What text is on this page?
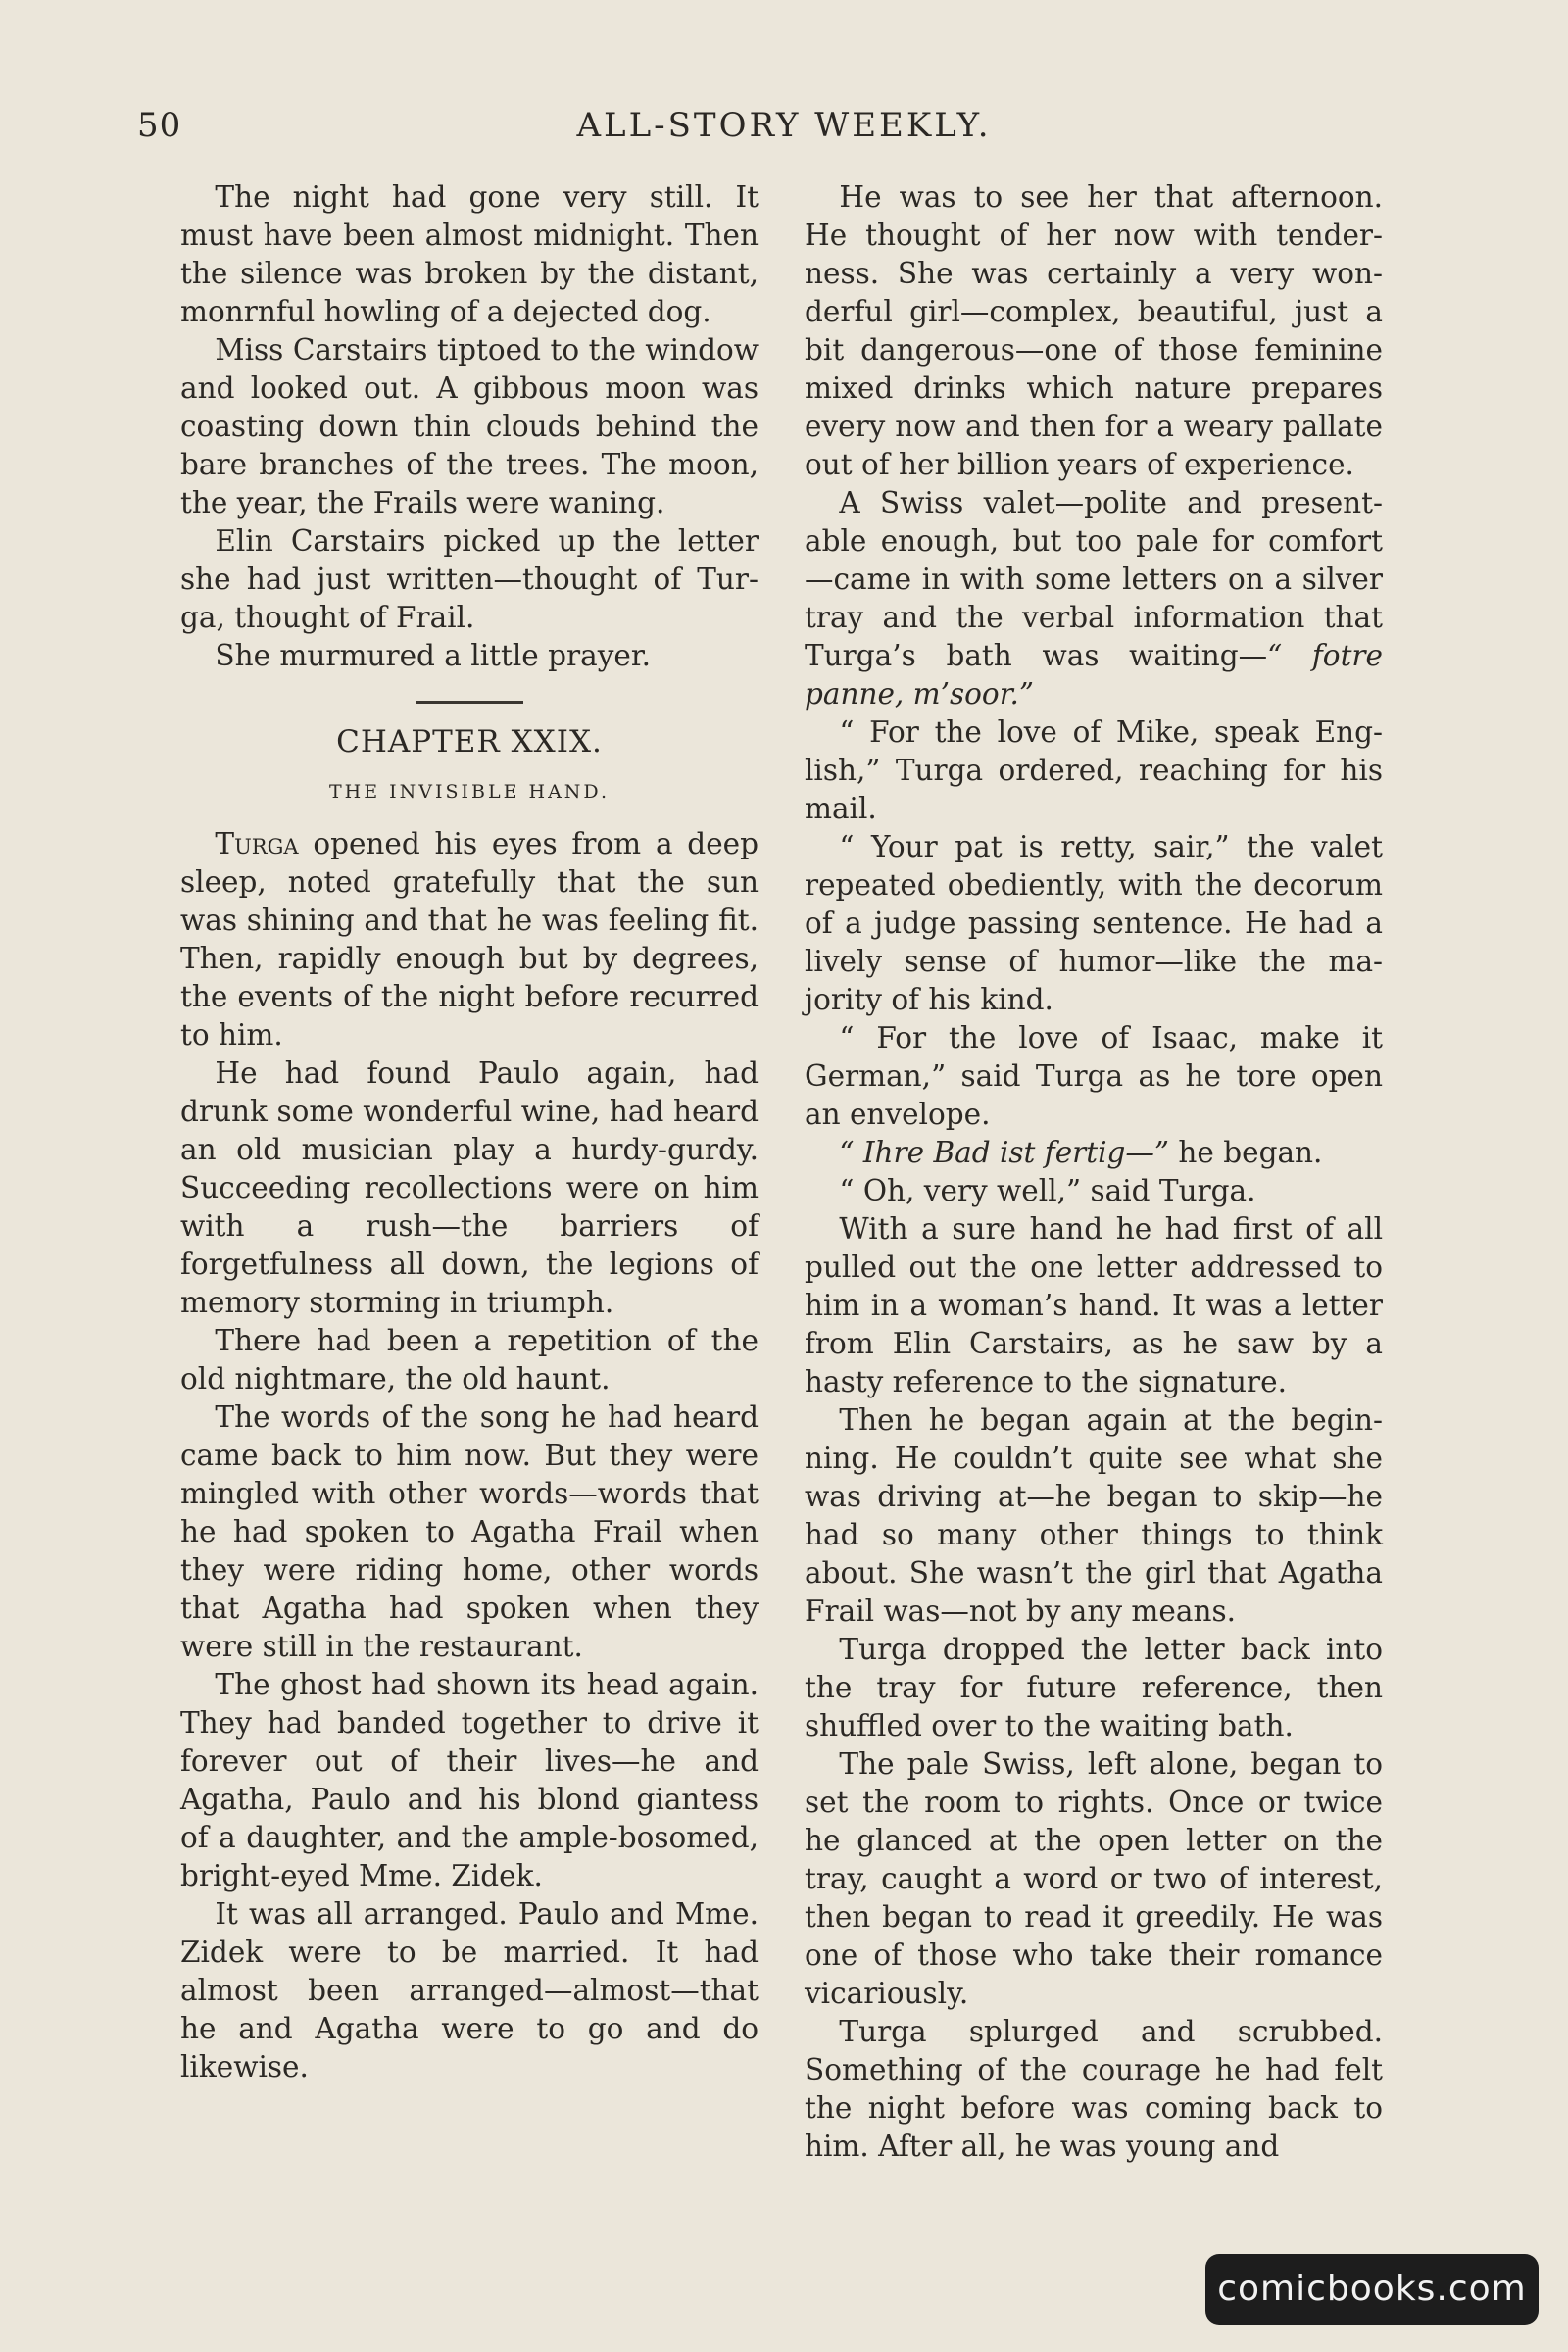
50	ALL-STORY WEEKLY.

The night had gone very still. It must have been almost midnight. Then the silence was broken by the distant, monrnful howling of a dejected dog.

Miss Carstairs tiptoed to the window and looked out. A gibbous moon was coasting down thin clouds behind the bare branches of the trees. The moon, the year, the Frails were waning.

Elin Carstairs picked up the letter she had just written—thought of Turga, thought of Frail.

She murmured a little prayer.

CHAPTER XXIX.

THE INVISIBLE HAND.

Turga opened his eyes from a deep sleep, noted gratefully that the sun was shining and that he was feeling fit. Then, rapidly enough but by degrees, the events of the night before recurred to him.

He had found Paulo again, had drunk some wonderful wine, had heard an old musician play a hurdy-gurdy. Succeeding recollections were on him with a rush—the barriers of forgetfulness all down, the legions of memory storming in triumph.

There had been a repetition of the old nightmare, the old haunt.

The words of the song he had heard came back to him now. But they were mingled with other words—words that he had spoken to Agatha Frail when they were riding home, other words that Agatha had spoken when they were still in the restaurant.

The ghost had shown its head again. They had banded together to drive it forever out of their lives—he and Agatha, Paulo and his blond giantess of a daughter, and the ample-bosomed, bright-eyed Mme. Zidek.

It was all arranged. Paulo and Mme. Zidek were to be married. It had almost been arranged—almost—that he and Agatha were to go and do likewise.

He was to see her that afternoon. He thought of her now with tenderness. She was certainly a very wonderful girl—complex, beautiful, just a bit dangerous—one of those feminine mixed drinks which nature prepares every now and then for a weary pallate out of her billion years of experience.

A Swiss valet—polite and presentable enough, but too pale for comfort —came in with some letters on a silver tray and the verbal information that Turga’s bath was waiting—“ fotre panne, m’soor.”

“ For the love of Mike, speak English,” Turga ordered, reaching for his mail.

“ Your pat is retty, sair,” the valet repeated obediently, with the decorum of a judge passing sentence. He had a lively sense of humor—like the majority of his kind.

“ For the love of Isaac, make it German,” said Turga as he tore open an envelope.

“ Ihre Bad ist fertig—” he began.

“ Oh, very well,” said Turga.

With a sure hand he had first of all pulled out the one letter addressed to him in a woman’s hand. It was a letter from Elin Carstairs, as he saw by a hasty reference to the signature.

Then he began again at the beginning. He couldn’t quite see what she was driving at—he began to skip—he had so many other things to think about. She wasn’t the girl that Agatha Frail was—not by any means.

Turga dropped the letter back into the tray for future reference, then shuffled over to the waiting bath.

The pale Swiss, left alone, began to set the room to rights. Once or twice he glanced at the open letter on the tray, caught a word or two of interest, then began to read it greedily. He was one of those who take their romance vicariously.

Turga splurged and scrubbed. Something of the courage he had felt the night before was coming back to him. After all, he was young and

comicbooks.com
